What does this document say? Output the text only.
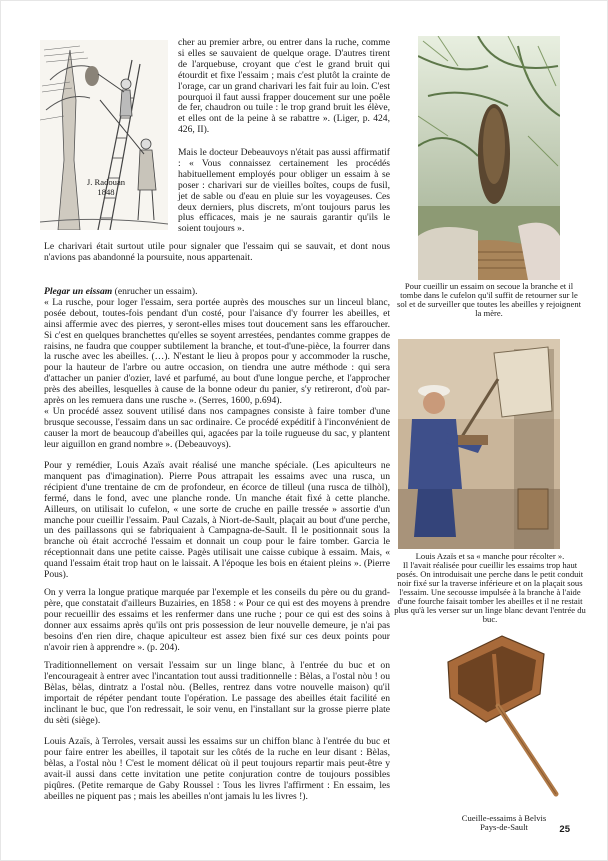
J. Radouan
1848

cher au premier arbre, ou entrer dans la ruche, comme si elles se sauvaient de quelque orage. D'autres tirent de l'arquebuse, croyant que c'est le grand bruit qui étourdit et fixe l'essaim ; mais c'est plutôt la crainte de l'orage, car un grand charivari les fait fuir au loin. C'est pourquoi il faut aussi frapper doucement sur une poêle de fer, chaudron ou tuile : le trop grand bruit les élève, et elles ont de la peine à se rabattre ». (Liger, p. 424, 426, II).

Mais le docteur Debeauvoys n'était pas aussi affirmatif : « Vous connaissez certainement les procédés habituellement employés pour obliger un essaim à se poser : charivari sur de vieilles boîtes, coups de fusil, jet de sable ou d'eau en pluie sur les voyageuses. Ces deux derniers, plus discrets, m'ont toujours parus les plus efficaces, mais je ne saurais garantir qu'ils le soient toujours ».

Le charivari était surtout utile pour signaler que l'essaim qui se sauvait, et dont nous n'avions pas abandonné la poursuite, nous appartenait.

Plegar un eissam (enrucher un essaim).

« La rusche, pour loger l'essaim, sera portée auprès des mousches sur un linceul blanc, posée debout, toutes-fois pendant d'un costé, pour l'aisance d'y fourrer les abeilles, et ainsi affermie avec des pierres, y seront-elles mises tout doucement sans les effaroucher. Si c'est en quelques branchettes qu'elles se soyent arrestées, pendantes comme grappes de raisins, ne faudra que coupper subtilement la branche, et tout-d'une-pièce, la fourrer dans la rusche avec les abeilles. (…). N'estant le lieu à propos pour y accommoder la rusche, pour la hauteur de l'arbre ou autre occasion, on tiendra une autre méthode : qui sera d'attacher un panier d'ozier, lavé et parfumé, au bout d'une longue perche, et l'approcher près des abeilles, lesquelles à cause de la bonne odeur du panier, s'y retireront, d'où par-après on les remuera dans une rusche ». (Serres, 1600, p.694).

« Un procédé assez souvent utilisé dans nos campagnes consiste à faire tomber d'une brusque secousse, l'essaim dans un sac ordinaire. Ce procédé expéditif à l'inconvénient de causer la mort de beaucoup d'abeilles qui, agacées par la toile rugueuse du sac, y plantent leur aiguillon en grand nombre ». (Debeauvoys).

Pour y remédier, Louis Azaïs avait réalisé une manche spéciale. (Les apiculteurs ne manquent pas d'imagination). Pierre Pous attrapait les essaims avec una rusca, un récipient d'une trentaine de cm de profondeur, en écorce de tilleul (una rusca de tilhòl), fermé, dans le fond, avec une planche ronde. Un manche était fixé à cette planche. Ailleurs, on utilisait lo cufelon, « une sorte de cruche en paille tressée » assortie d'un manche pour cueillir l'essaim. Paul Cazals, à Niort-de-Sault, plaçait au bout d'une perche, un des paillassons qui se fabriquaient à Campagna-de-Sault. Il le positionnait sous la branche où était accroché l'essaim et donnait un coup pour le faire tomber. Garcia le réceptionnait dans une petite caisse. Pagès utilisait une caisse cubique à essaim. Mais, « quand l'essaim était trop haut on le laissait. A l'époque les bois en étaient pleins ». (Pierre Pous).

On y verra la longue pratique marquée par l'exemple et les conseils du père ou du grand-père, que constatait d'ailleurs Buzairies, en 1858 : « Pour ce qui est des moyens à prendre pour recueillir des essaims et les renfermer dans une ruche ; pour ce qui est des soins à donner aux essaims après qu'ils ont pris possession de leur nouvelle demeure, je n'ai pas besoins d'en rien dire, chaque apiculteur est assez bien fixé sur ces deux points pour n'avoir rien à apprendre ». (p. 204).

Traditionnellement on versait l'essaim sur un linge blanc, à l'entrée du buc et on l'encourageait à entrer avec l'incantation tout aussi traditionnelle : Bèlas, a l'ostal nòu ! ou Bèlas, bèlas, dintratz a l'ostal nòu. (Belles, rentrez dans votre nouvelle maison) qu'il importait de répéter pendant toute l'opération. Le passage des abeilles était facilité en inclinant le buc, que l'on redressait, le soir venu, en l'installant sur la grosse pierre plate du sèti (siège).

Louis Azaïs, à Terroles, versait aussi les essaims sur un chiffon blanc à l'entrée du buc et pour faire entrer les abeilles, il tapotait sur les côtés de la ruche en leur disant : Bèlas, bèlas, a l'ostal nòu ! C'est le moment délicat où il peut toujours repartir mais peut-être y avait-il aussi dans cette invitation une petite conjuration contre de toujours possibles piqûres. (Petite remarque de Gaby Roussel : Tous les livres l'affirment : En essaim, les abeilles ne piquent pas ; mais les abeilles n'ont jamais lu les livres !).

Pour cueillir un essaim on secoue la branche et il tombe dans le cufelon qu'il suffit de retourner sur le sol et de surveiller que toutes les abeilles y rejoignent la mère.
Louis Azaïs et sa « manche pour récolter ».
Il l'avait réalisée pour cueillir les essaims trop haut posés. On introduisait une perche dans le petit conduit noir fixé sur la traverse inférieure et on la plaçait sous l'essaim. Une secousse impulsée à la branche à l'aide d'une fourche faisait tomber les abeilles et il ne restait plus qu'à les verser sur un linge blanc devant l'entrée du buc.
Cueille-essaims à Belvis
Pays-de-Sault	25
